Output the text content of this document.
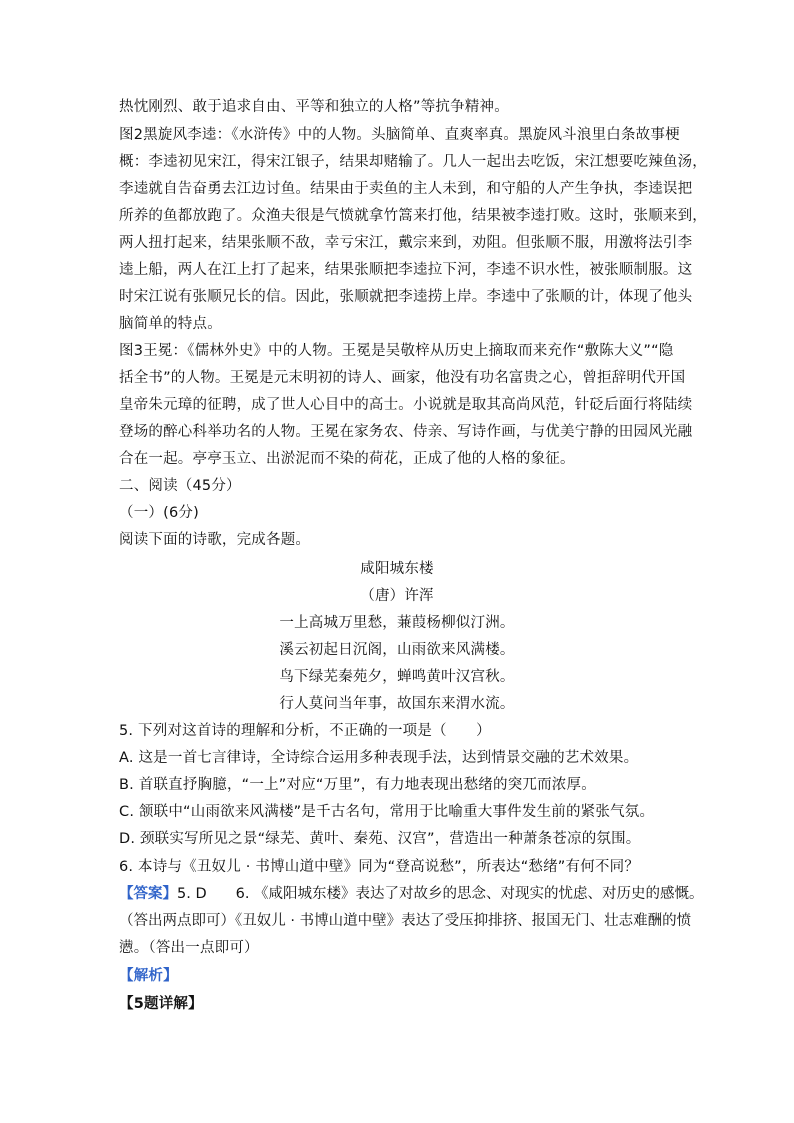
热忱刚烈、敢于追求自由、平等和独立的人格”等抗争精神。
图2黑旋风李逵：《水浒传》中的人物。头脑简单、直爽率真。黑旋风斗浪里白条故事梗
概：李逵初见宋江，得宋江银子，结果却赌输了。几人一起出去吃饭，宋江想要吃辣鱼汤，
李逵就自告奋勇去江边讨鱼。结果由于卖鱼的主人未到，和守船的人产生争执，李逵误把
所养的鱼都放跑了。众渔夫很是气愤就拿竹篙来打他，结果被李逵打败。这时，张顺来到，
两人扭打起来，结果张顺不敌，幸亏宋江，戴宗来到，劝阻。但张顺不服，用激将法引李
逵上船，两人在江上打了起来，结果张顺把李逵拉下河，李逵不识水性，被张顺制服。这
时宋江说有张顺兄长的信。因此，张顺就把李逵捞上岸。李逵中了张顺的计，体现了他头
脑简单的特点。
图3王冕：《儒林外史》中的人物。王冕是吴敬梓从历史上摘取而来充作“敷陈大义”“隐
括全书”的人物。王冕是元末明初的诗人、画家，他没有功名富贵之心，曾拒辞明代开国
皇帝朱元璋的征聘，成了世人心目中的高士。小说就是取其高尚风范，针砭后面行将陆续
登场的醉心科举功名的人物。王冕在家务农、侍亲、写诗作画，与优美宁静的田园风光融
合在一起。亭亭玉立、出淤泥而不染的荷花，正成了他的人格的象征。
二、阅读（45分）
（一）(6分)
阅读下面的诗歌，完成各题。
咸阳城东楼
（唐）许浑
一上高城万里愁，蒹葭杨柳似汀洲。
溪云初起日沉阁，山雨欲来风满楼。
鸟下绿芜秦苑夕，蝉鸣黄叶汉宫秋。
行人莫问当年事，故国东来渭水流。
5. 下列对这首诗的理解和分析，不正确的一项是（　　）
A. 这是一首七言律诗，全诗综合运用多种表现手法，达到情景交融的艺术效果。
B. 首联直抒胸臆，“一上”对应“万里”，有力地表现出愁绪的突兀而浓厚。
C. 颔联中“山雨欲来风满楼”是千古名句，常用于比喻重大事件发生前的紧张气氛。
D. 颈联实写所见之景“绿芜、黄叶、秦苑、汉宫”，营造出一种萧条苍凉的氛围。
6. 本诗与《丑奴儿 · 书博山道中壁》同为“登高说愁”，所表达“愁绪”有何不同？
【答案】5. D　　6. 《咸阳城东楼》表达了对故乡的思念、对现实的忧虑、对历史的感慨。
（答出两点即可）《丑奴儿 · 书博山道中壁》表达了受压抑排挤、报国无门、壮志难酬的愤
懑。（答出一点即可）
【解析】
【5题详解】
